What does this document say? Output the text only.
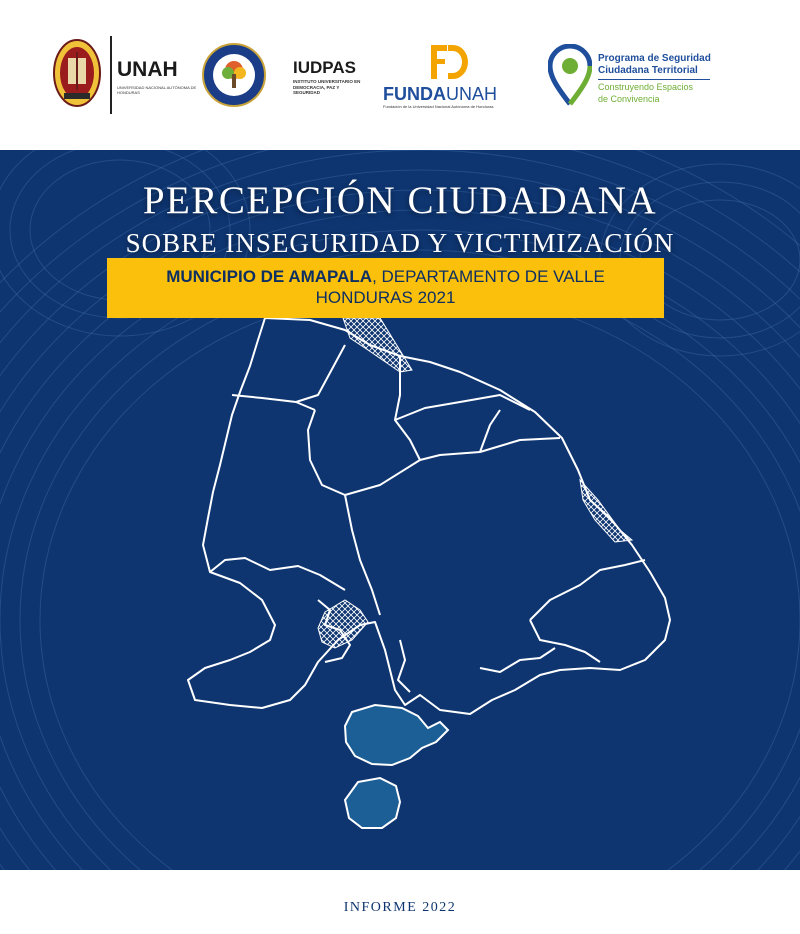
UNAH
UNIVERSIDAD NACIONAL AUTÓNOMA DE HONDURAS
IUDPAS
INSTITUTO UNIVERSITARIO EN DEMOCRACIA, PAZ Y SEGURIDAD	FUNDAUNAH
Fundación de la Universidad Nacional Autónoma de Honduras
Programa de Seguridad
Ciudadana Territorial
Construyendo Espacios
de Convivencia
PERCEPCIÓN CIUDADANA
SOBRE INSEGURIDAD Y VICTIMIZACIÓN
MUNICIPIO DE AMAPALA, DEPARTAMENTO DE VALLE
HONDURAS 2021
INFORME 2022
